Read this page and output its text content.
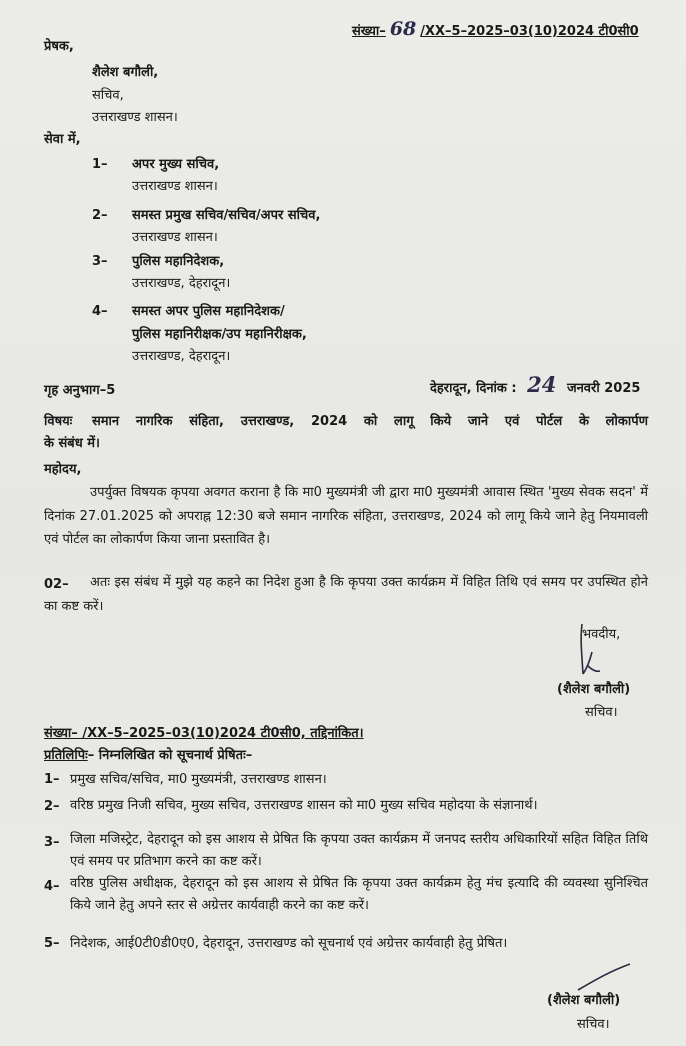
संख्या– 68 /XX–5–2025–03(10)2024 टी0सी0
प्रेषक,
शैलेश बगौली,
सचिव,
उत्तराखण्ड शासन।
सेवा में,
1– अपर मुख्य सचिव,
उत्तराखण्ड शासन।
2– समस्त प्रमुख सचिव/सचिव/अपर सचिव,
उत्तराखण्ड शासन।
3– पुलिस महानिदेशक,
उत्तराखण्ड, देहरादून।
4– समस्त अपर पुलिस महानिदेशक/
पुलिस महानिरीक्षक/उप महानिरीक्षक,
उत्तराखण्ड, देहरादून।
गृह अनुभाग–5	देहरादून, दिनांक : 24 जनवरी 2025
विषयः समान नागरिक संहिता, उत्तराखण्ड, 2024 को लागू किये जाने एवं पोर्टल के लोकार्पण
के संबंध में।
महोदय,
उपर्युक्त विषयक कृपया अवगत कराना है कि मा0 मुख्यमंत्री जी द्वारा मा0 मुख्यमंत्री आवास स्थित 'मुख्य सेवक सदन' में दिनांक 27.01.2025 को अपराह्न 12:30 बजे समान नागरिक संहिता, उत्तराखण्ड, 2024 को लागू किये जाने हेतु नियमावली एवं पोर्टल का लोकार्पण किया जाना प्रस्तावित है।
02–	अतः इस संबंध में मुझे यह कहने का निदेश हुआ है कि कृपया उक्त कार्यक्रम में विहित तिथि एवं समय पर उपस्थित होने का कष्ट करें।
भवदीय,
(शैलेश बगौली)
सचिव।
संख्या– /XX–5–2025–03(10)2024 टी0सी0, तद्दिनांकित।
प्रतिलिपिः– निम्नलिखित को सूचनार्थ प्रेषितः–
1– प्रमुख सचिव/सचिव, मा0 मुख्यमंत्री, उत्तराखण्ड शासन।
2– वरिष्ठ प्रमुख निजी सचिव, मुख्य सचिव, उत्तराखण्ड शासन को मा0 मुख्य सचिव महोदया के संज्ञानार्थ।
3– जिला मजिस्ट्रेट, देहरादून को इस आशय से प्रेषित कि कृपया उक्त कार्यक्रम में जनपद स्तरीय अधिकारियों सहित विहित तिथि एवं समय पर प्रतिभाग करने का कष्ट करें।
4– वरिष्ठ पुलिस अधीक्षक, देहरादून को इस आशय से प्रेषित कि कृपया उक्त कार्यक्रम हेतु मंच इत्यादि की व्यवस्था सुनिश्चित किये जाने हेतु अपने स्तर से अग्रेत्तर कार्यवाही करने का कष्ट करें।
5– निदेशक, आई0टी0डी0ए0, देहरादून, उत्तराखण्ड को सूचनार्थ एवं अग्रेत्तर कार्यवाही हेतु प्रेषित।
(शैलेश बगौली)
सचिव।
